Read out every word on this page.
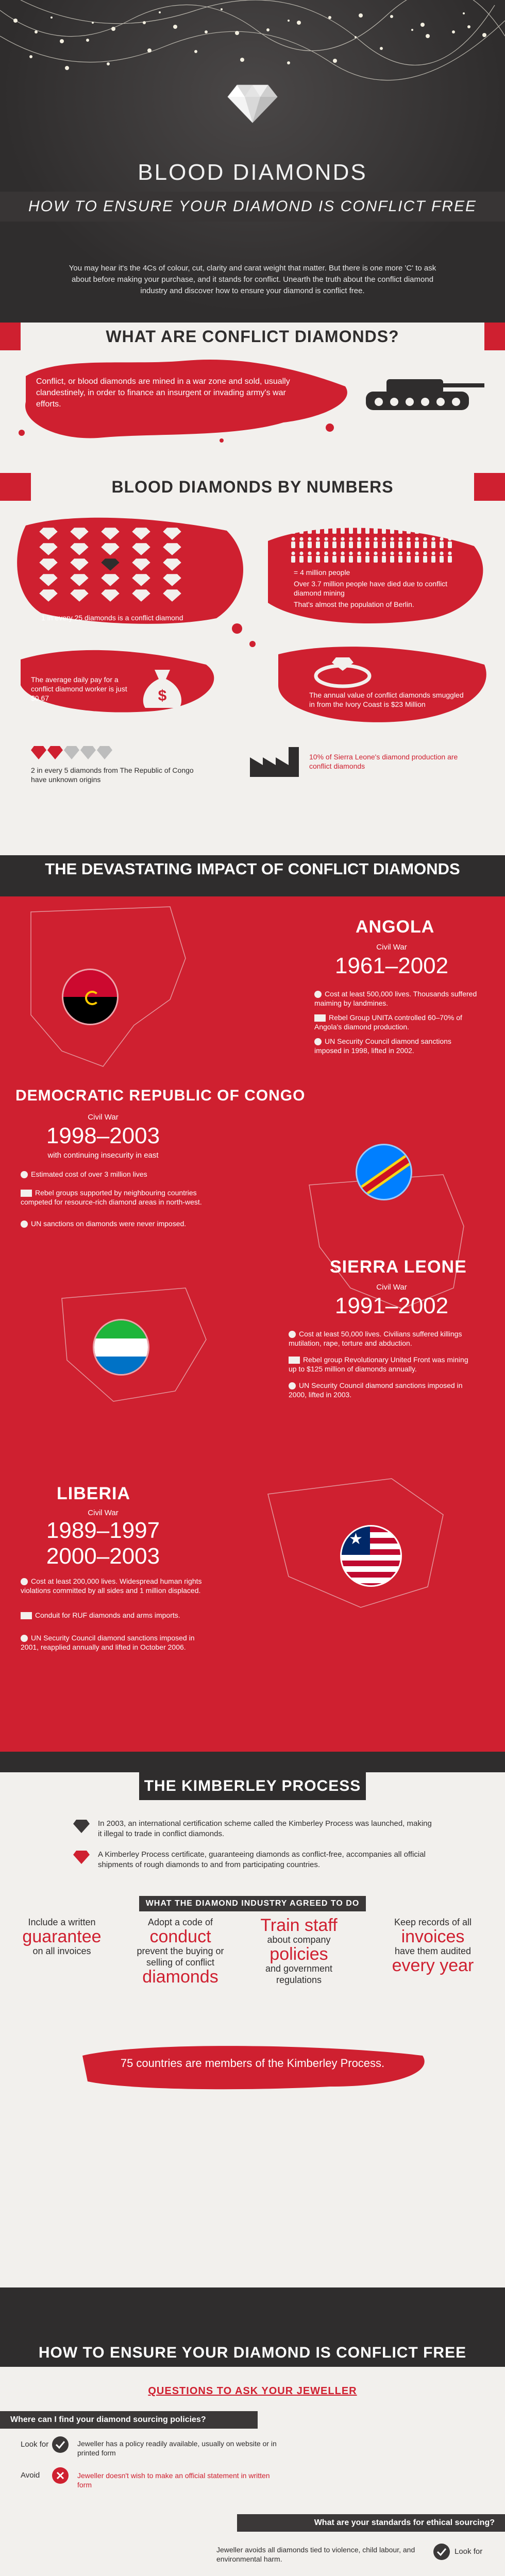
BLOOD DIAMONDS
HOW TO ENSURE YOUR DIAMOND IS CONFLICT FREE
You may hear it's the 4Cs of colour, cut, clarity and carat weight that matter. But there is one more 'C' to ask about before making your purchase, and it stands for conflict. Unearth the truth about the conflict diamond industry and discover how to ensure your diamond is conflict free.
WHAT ARE CONFLICT DIAMONDS?
Conflict, or blood diamonds are mined in a war zone and sold, usually clandestinely, in order to finance an insurgent or invading army's war efforts.
BLOOD DIAMONDS BY NUMBERS
1 in every 25 diamonds is a conflict diamond
= 4 million people
Over 3.7 million people have died due to conflict diamond mining
That's almost the population of Berlin.
$
The average daily pay for a conflict diamond worker is just $0.67	The annual value of conflict diamonds smuggled in from the Ivory Coast is $23 Million
2 in every 5 diamonds from The Republic of Congo have unknown origins
10% of Sierra Leone's diamond production are conflict diamonds
THE DEVASTATING IMPACT OF CONFLICT DIAMONDS
ANGOLA
Civil War
1961–2002
Cost at least 500,000 lives. Thousands suffered maiming by landmines.
Rebel Group UNITA controlled 60–70% of Angola's diamond production.
UN Security Council diamond sanctions imposed in 1998, lifted in 2002.
DEMOCRATIC REPUBLIC OF CONGO
Civil War
1998–2003
with continuing insecurity in east
Estimated cost of over 3 million lives
Rebel groups supported by neighbouring countries competed for resource-rich diamond areas in north-west.
UN sanctions on diamonds were never imposed.
SIERRA LEONE
Civil War
1991–2002
Cost at least 50,000 lives. Civilians suffered killings mutilation, rape, torture and abduction.
Rebel group Revolutionary United Front was mining up to $125 million of diamonds annually.
UN Security Council diamond sanctions imposed in 2000, lifted in 2003.
LIBERIA
Civil War
1989–1997
2000–2003
Cost at least 200,000 lives. Widespread human rights violations committed by all sides and 1 million displaced.
Conduit for RUF diamonds and arms imports.
UN Security Council diamond sanctions imposed in 2001, reapplied annually and lifted in October 2006.
★
THE KIMBERLEY PROCESS
In 2003, an international certification scheme called the Kimberley Process was launched, making it illegal to trade in conflict diamonds.
A Kimberley Process certificate, guaranteeing diamonds as conflict-free, accompanies all official shipments of rough diamonds to and from participating countries.
WHAT THE DIAMOND INDUSTRY AGREED TO DO
Include a written
guarantee
on all invoices
Adopt a code of
conduct
prevent the buying or selling of conflict
diamonds
Train staff
about company
policies
and government
regulations
Keep records of all
invoices
have them audited
every year
75 countries are members of the Kimberley Process.
HOW TO ENSURE YOUR DIAMOND IS CONFLICT FREE
QUESTIONS TO ASK YOUR JEWELLER
Where can I find your diamond sourcing policies?
Look for	Jeweller has a policy readily available, usually on website or in printed form
Avoid	Jeweller doesn't wish to make an official statement in written form
What are your standards for ethical sourcing?
Jeweller avoids all diamonds tied to violence, child labour, and environmental harm.
Look for
